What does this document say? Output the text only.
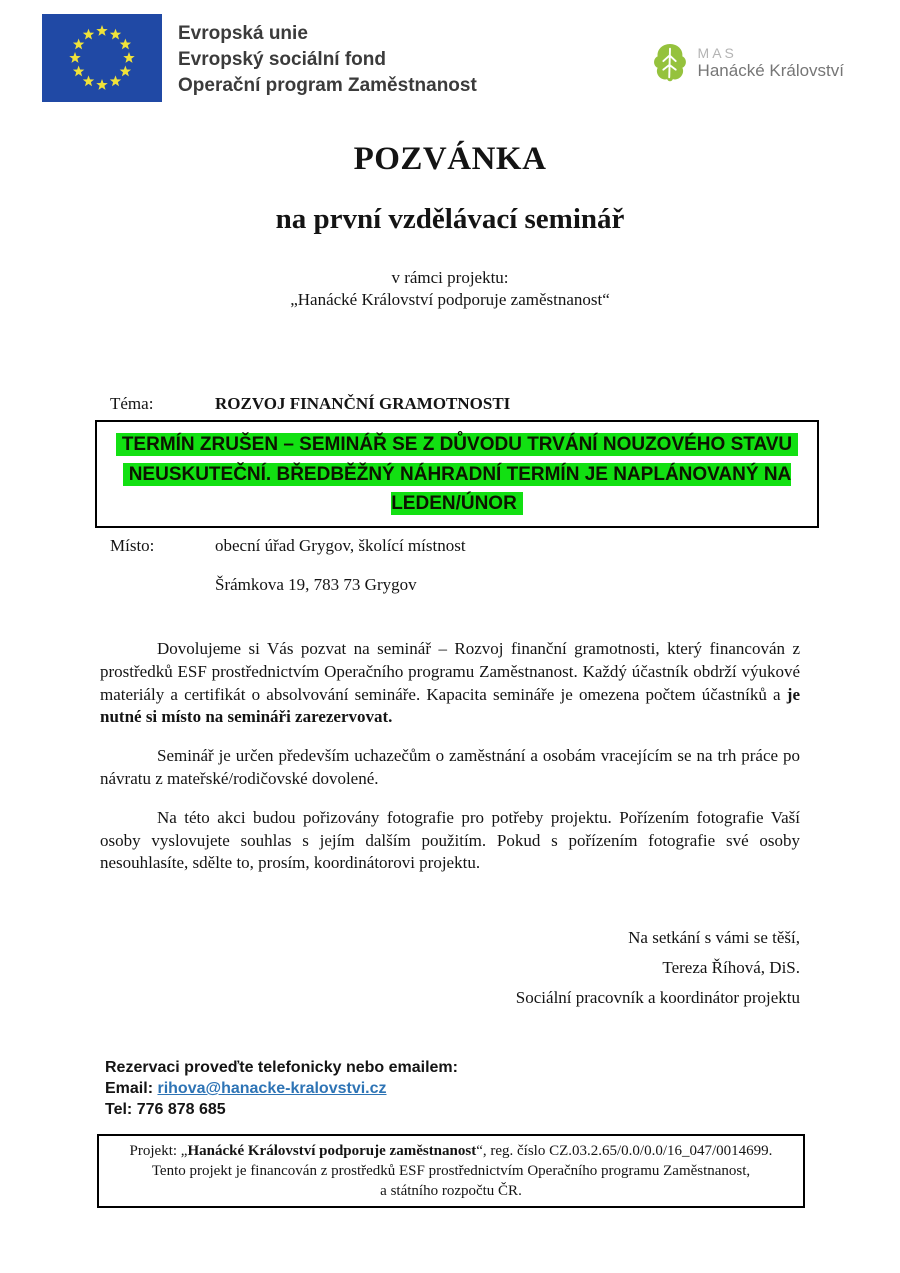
Evropská unie
Evropský sociální fond
Operační program Zaměstnanost
MAS
Hanácké Království
POZVÁNKA
na první vzdělávací seminář
v rámci projektu:
„Hanácké Království podporuje zaměstnanost“
Téma:	ROZVOJ FINANČNÍ GRAMOTNOSTI
TERMÍN ZRUŠEN – SEMINÁŘ SE Z DŮVODU TRVÁNÍ NOUZOVÉHO STAVU
NEUSKUTEČNÍ. BŘEDBĚŽNÝ NÁHRADNÍ TERMÍN JE NAPLÁNOVANÝ NA LEDEN/ÚNOR
Místo:	obecní úřad Grygov, školící místnost
Šrámkova 19, 783 73 Grygov
Dovolujeme si Vás pozvat na seminář – Rozvoj finanční gramotnosti, který financován z prostředků ESF prostřednictvím Operačního programu Zaměstnanost. Každý účastník obdrží výukové materiály a certifikát o absolvování semináře. Kapacita semináře je omezena počtem účastníků a je nutné si místo na semináři zarezervovat.
Seminář je určen především uchazečům o zaměstnání a osobám vracejícím se na trh práce po návratu z mateřské/rodičovské dovolené.
Na této akci budou pořizovány fotografie pro potřeby projektu. Pořízením fotografie Vaší osoby vyslovujete souhlas s jejím dalším použitím. Pokud s pořízením fotografie své osoby nesouhlasíte, sdělte to, prosím, koordinátorovi projektu.
Na setkání s vámi se těší,
Tereza Říhová, DiS.
Sociální pracovník a koordinátor projektu
Rezervaci proveďte telefonicky nebo emailem:
Email: rihova@hanacke-kralovstvi.cz
Tel: 776 878 685
Projekt: „Hanácké Království podporuje zaměstnanost“, reg. číslo CZ.03.2.65/0.0/0.0/16_047/0014699.
Tento projekt je financován z prostředků ESF prostřednictvím Operačního programu Zaměstnanost,
a státního rozpočtu ČR.
